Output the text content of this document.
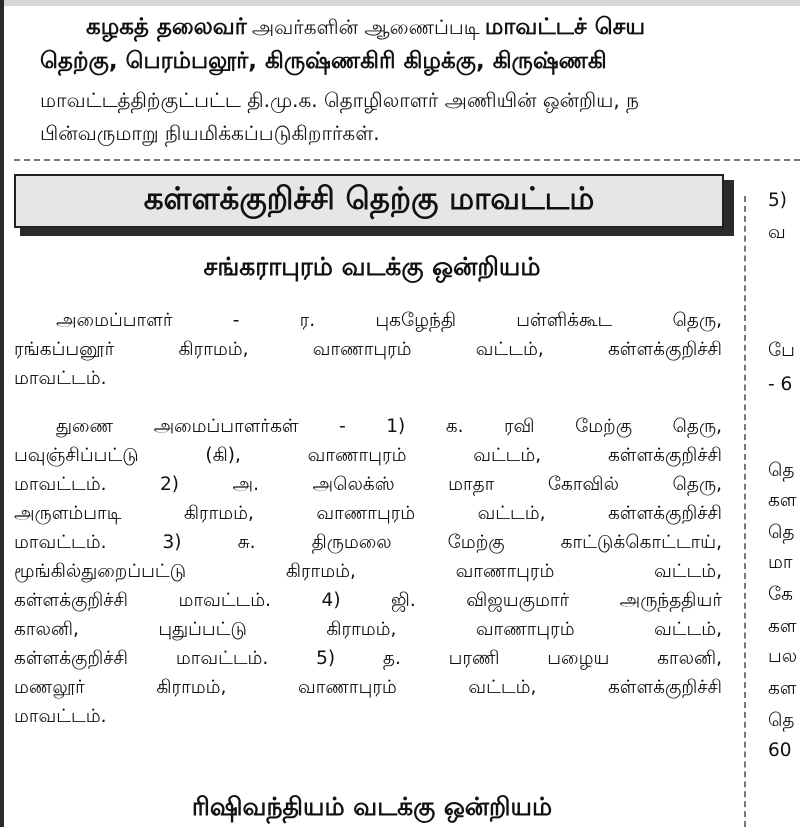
கழகத் தலைவர் அவர்களின் ஆணைப்படி மாவட்டச் செய
தெற்கு, பெரம்பலூர், கிருஷ்ணகிரி கிழக்கு, கிருஷ்ணகி
மாவட்டத்திற்குட்பட்ட தி.மு.க. தொழிலாளர் அணியின் ஒன்றிய, ந
பின்வருமாறு நியமிக்கப்படுகிறார்கள்.
கள்ளக்குறிச்சி தெற்கு மாவட்டம்
சங்கராபுரம் வடக்கு ஒன்றியம்
அமைப்பாளர் - ர. புகழேந்தி பள்ளிக்கூட தெரு,
ரங்கப்பனூர் கிராமம், வாணாபுரம் வட்டம், கள்ளக்குறிச்சி
மாவட்டம்.
துணை அமைப்பாளர்கள் - 1) க. ரவி மேற்கு தெரு,
பவுஞ்சிப்பட்டு (கி), வாணாபுரம் வட்டம், கள்ளக்குறிச்சி
மாவட்டம். 2) அ. அலெக்ஸ் மாதா கோவில் தெரு,
அருளம்பாடி கிராமம், வாணாபுரம் வட்டம், கள்ளக்குறிச்சி
மாவட்டம். 3) சு. திருமலை மேற்கு காட்டுக்கொட்டாய்,
மூங்கில்துறைப்பட்டு கிராமம், வாணாபுரம் வட்டம்,
கள்ளக்குறிச்சி மாவட்டம். 4) ஜி. விஜயகுமார் அருந்ததியர்
காலனி, புதுப்பட்டு கிராமம், வாணாபுரம் வட்டம்,
கள்ளக்குறிச்சி மாவட்டம். 5) த. பரணி பழைய காலனி,
மணலூர் கிராமம், வாணாபுரம் வட்டம், கள்ளக்குறிச்சி
மாவட்டம்.
ரிஷிவந்தியம் வடக்கு ஒன்றியம்
5)
வ
பே
- 6
தெ
கள
தெ
மா
கே
கள
பல
கள
தெ
60
